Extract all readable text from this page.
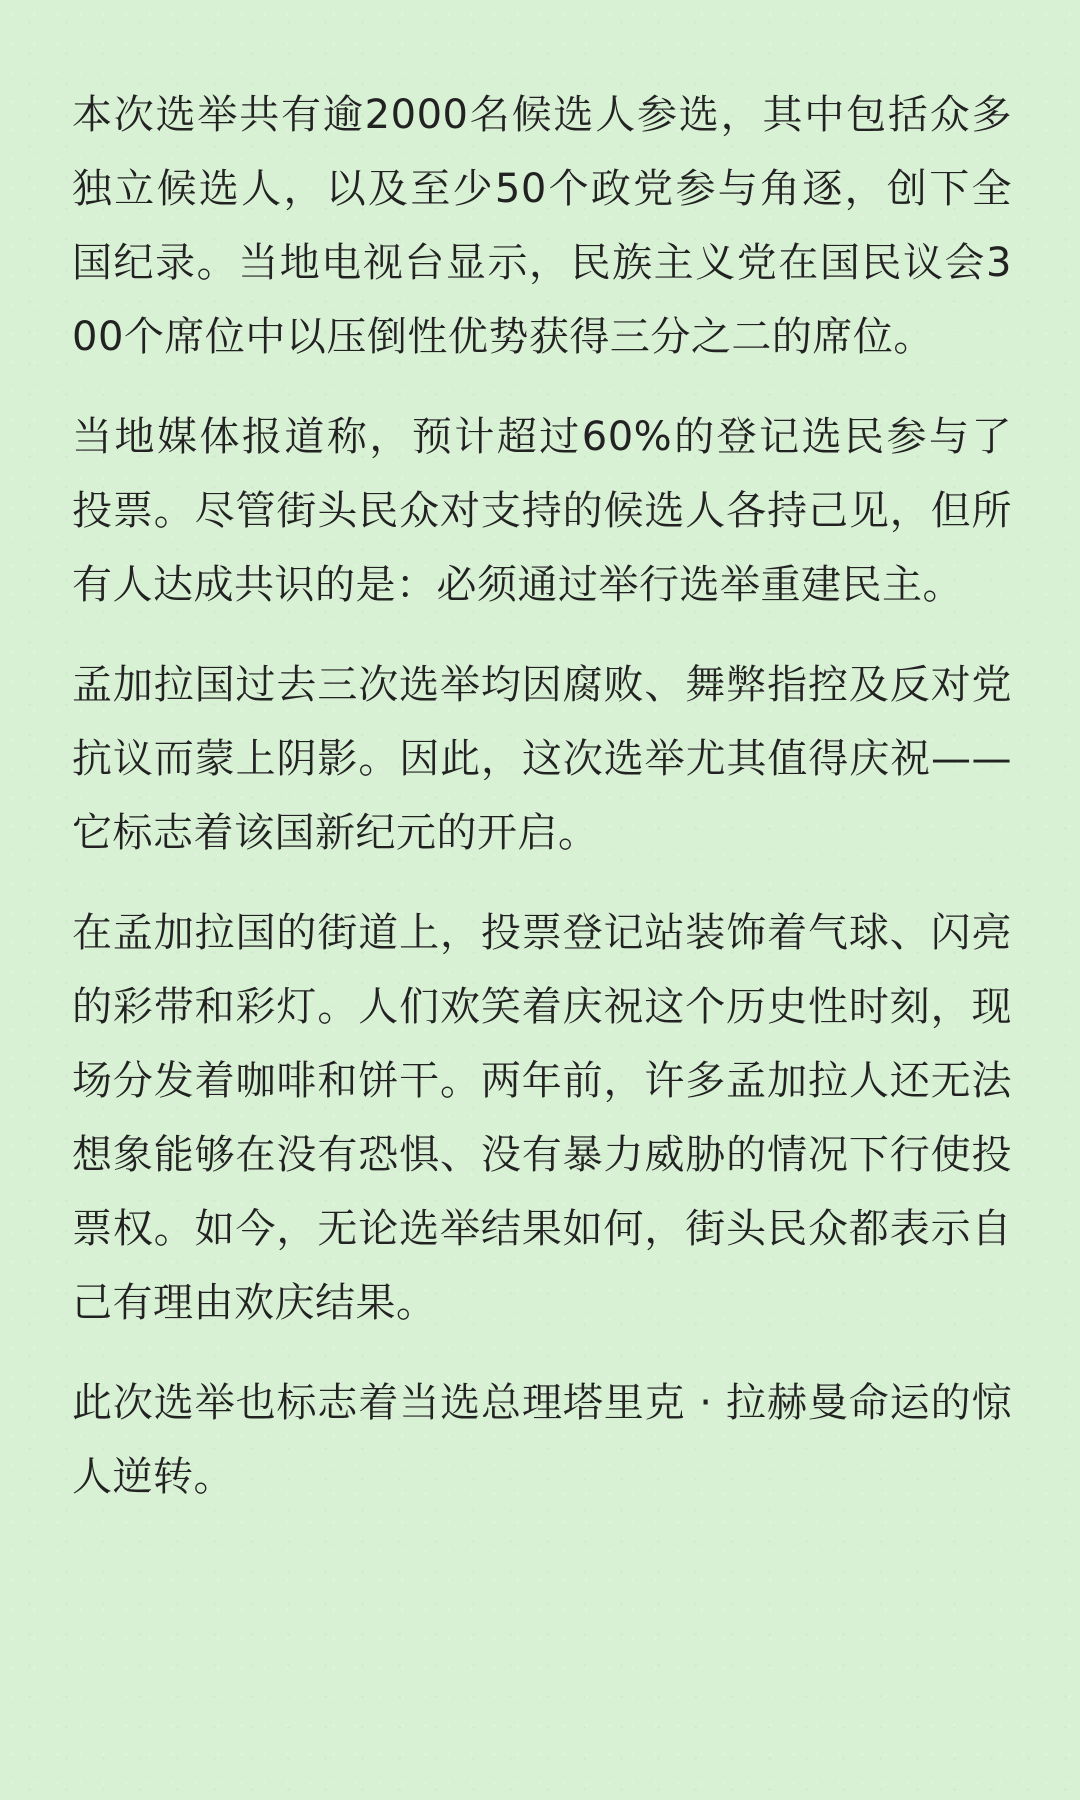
本次选举共有逾2000名候选人参选，其中包括众多独立候选人，以及至少50个政党参与角逐，创下全国纪录。当地电视台显示，民族主义党在国民议会300个席位中以压倒性优势获得三分之二的席位。

当地媒体报道称，预计超过60%的登记选民参与了投票。尽管街头民众对支持的候选人各持己见，但所有人达成共识的是：必须通过举行选举重建民主。

孟加拉国过去三次选举均因腐败、舞弊指控及反对党抗议而蒙上阴影。因此，这次选举尤其值得庆祝——它标志着该国新纪元的开启。

在孟加拉国的街道上，投票登记站装饰着气球、闪亮的彩带和彩灯。人们欢笑着庆祝这个历史性时刻，现场分发着咖啡和饼干。两年前，许多孟加拉人还无法想象能够在没有恐惧、没有暴力威胁的情况下行使投票权。如今，无论选举结果如何，街头民众都表示自己有理由欢庆结果。

此次选举也标志着当选总理塔里克 · 拉赫曼命运的惊人逆转。
